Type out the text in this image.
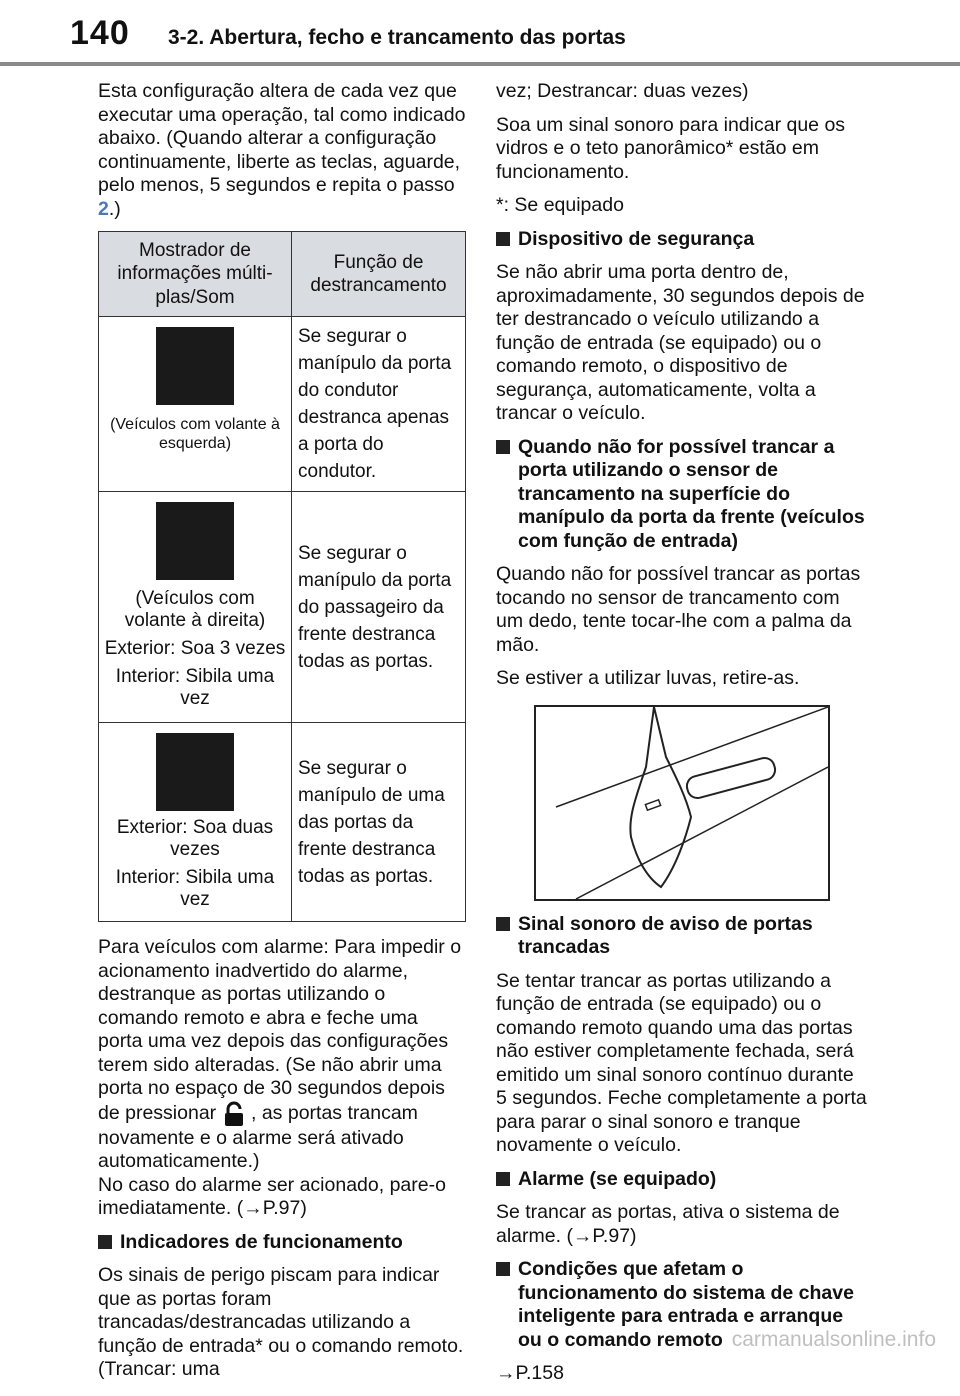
140 3-2. Abertura, fecho e trancamento das portas

Esta configuração altera de cada vez que executar uma operação, tal como indicado abaixo. (Quando alterar a configuração continuamente, liberte as teclas, aguarde, pelo menos, 5 segundos e repita o passo 2.)

Mostrador de informações múlti-plas/Som	Função de destrancamento

(Veículos com volante à esquerda)	Se segurar o manípulo da porta do condutor destranca apenas a porta do condutor.

(Veículos com volante à direita)
Exterior: Soa 3 vezes
Interior: Sibila uma vez	Se segurar o manípulo da porta do passageiro da frente destranca todas as portas.

Exterior: Soa duas vezes
Interior: Sibila uma vez	Se segurar o manípulo de uma das portas da frente destranca todas as portas.

Para veículos com alarme: Para impedir o acionamento inadvertido do alarme, destranque as portas utilizando o comando remoto e abra e feche uma porta uma vez depois das configurações terem sido alteradas. (Se não abrir uma porta no espaço de 30 segundos depois de pressionar , as portas trancam novamente e o alarme será ativado automaticamente.)
No caso do alarme ser acionado, pare-o imediatamente. (→P.97)

Indicadores de funcionamento

Os sinais de perigo piscam para indicar que as portas foram trancadas/destrancadas utilizando a função de entrada* ou o comando remoto. (Trancar: uma

vez; Destrancar: duas vezes)

Soa um sinal sonoro para indicar que os vidros e o teto panorâmico* estão em funcionamento.

*: Se equipado

Dispositivo de segurança

Se não abrir uma porta dentro de, aproximadamente, 30 segundos depois de ter destrancado o veículo utilizando a função de entrada (se equipado) ou o comando remoto, o dispositivo de segurança, automaticamente, volta a trancar o veículo.

Quando não for possível trancar a porta utilizando o sensor de trancamento na superfície do manípulo da porta da frente (veículos com função de entrada)

Quando não for possível trancar as portas tocando no sensor de trancamento com um dedo, tente tocar-lhe com a palma da mão.

Se estiver a utilizar luvas, retire-as.

Sinal sonoro de aviso de portas trancadas

Se tentar trancar as portas utilizando a função de entrada (se equipado) ou o comando remoto quando uma das portas não estiver completamente fechada, será emitido um sinal sonoro contínuo durante 5 segundos. Feche completamente a porta para parar o sinal sonoro e tranque novamente o veículo.

Alarme (se equipado)

Se trancar as portas, ativa o sistema de alarme. (→P.97)

Condições que afetam o funcionamento do sistema de chave inteligente para entrada e arranque ou o comando remoto

→P.158

carmanualsonline.info
